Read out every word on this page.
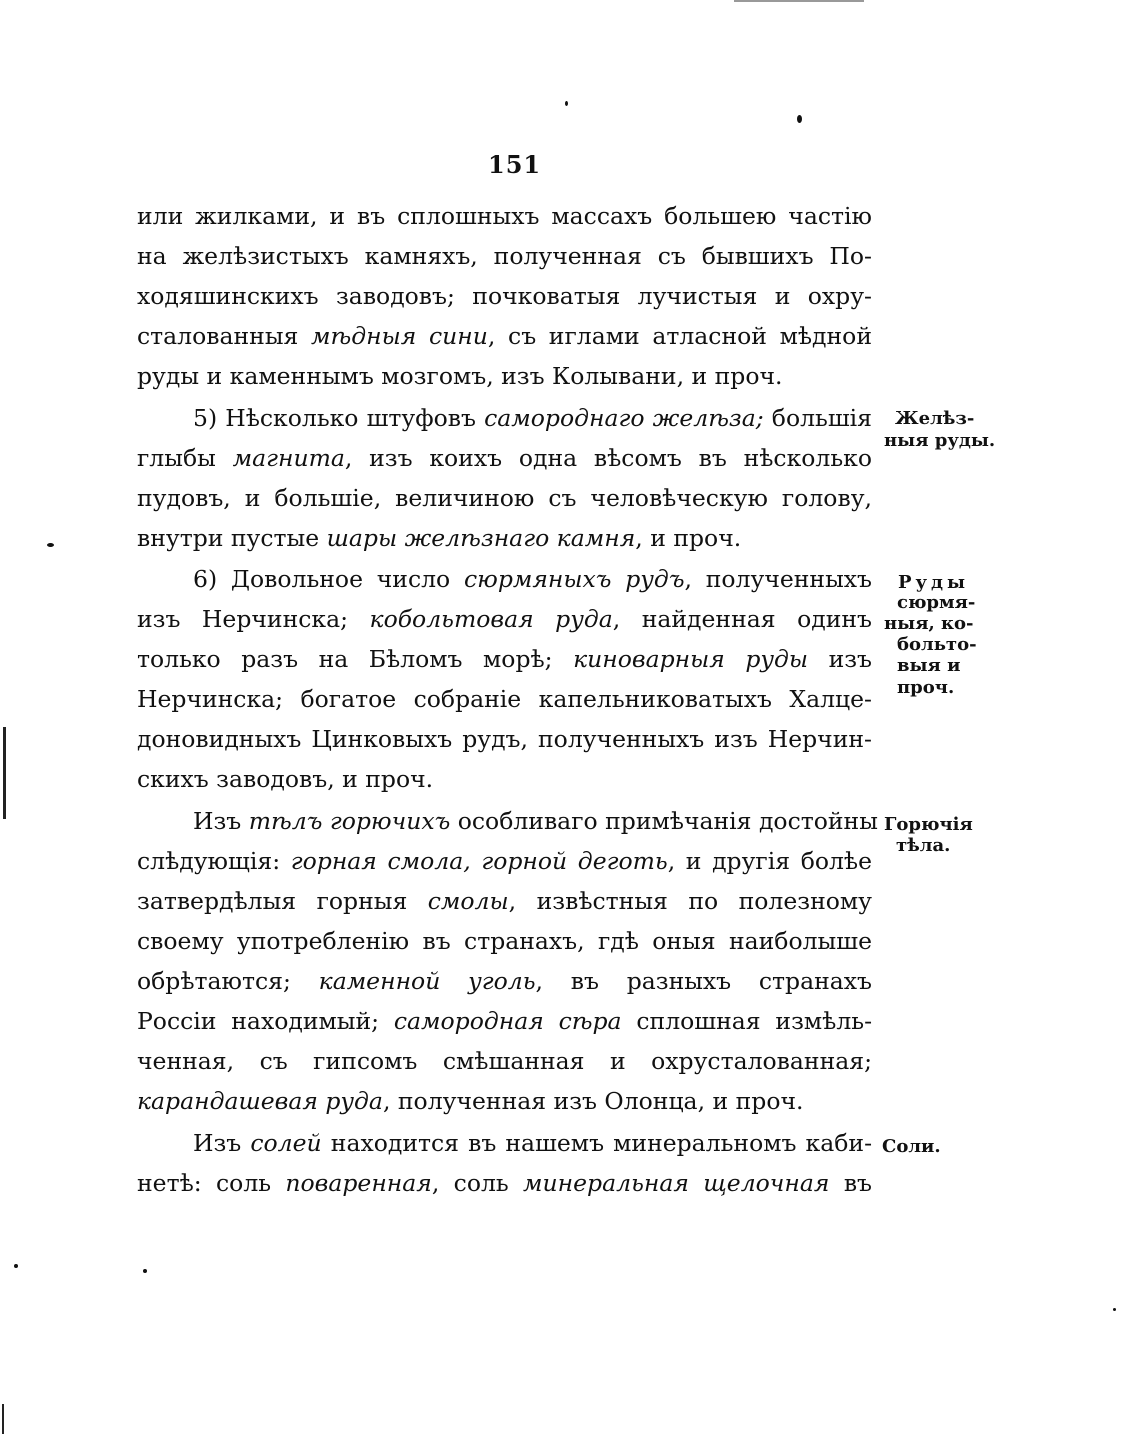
151
или жилками, и въ сплошныхъ массахъ большею частію
на желѣзистыхъ камняхъ, полученная съ бывшихъ По-
ходяшинскихъ заводовъ; почковатыя лучистыя и охру-
сталованныя мѣдныя сини, съ иглами атласной мѣдной
руды и каменнымъ мозгомъ, изъ Колывани, и проч.
5) Нѣсколько штуфовъ самороднаго желѣза; большія
глыбы магнита, изъ коихъ одна вѣсомъ въ нѣсколько
пудовъ, и большіе, величиною съ человѣческую голову,
внутри пустые шары желѣзнаго камня, и проч.
6) Довольное число сюрмяныхъ рудъ, полученныхъ
изъ Нерчинска; кобольтовая руда, найденная одинъ
только разъ на Бѣломъ морѣ; киноварныя руды изъ
Нерчинска; богатое собраніе капельниковатыхъ Халце-
доновидныхъ Цинковыхъ рудъ, полученныхъ изъ Нерчин-
скихъ заводовъ, и проч.
Изъ тѣлъ горючихъ особливаго примѣчанія достойны
слѣдующія: горная смола, горной деготь, и другія болѣе
затвердѣлыя горныя смолы, извѣстныя по полезному
своему употребленію въ странахъ, гдѣ оныя наиболыше
обрѣтаются; каменной уголь, въ разныхъ странахъ
Россіи находимый; самородная сѣра сплошная измѣль-
ченная, съ гипсомъ смѣшанная и охрусталованная;
карандашевая руда, полученная изъ Олонца, и проч.
Изъ солей находится въ нашемъ минеральномъ каби-
нетѣ: соль поваренная, соль минеральная щелочная въ
Желѣз-
ныя руды.
Руды
сюрмя-
ныя, ко-
больто-
выя и
проч.
Горючія
тѣла.
Соли.
